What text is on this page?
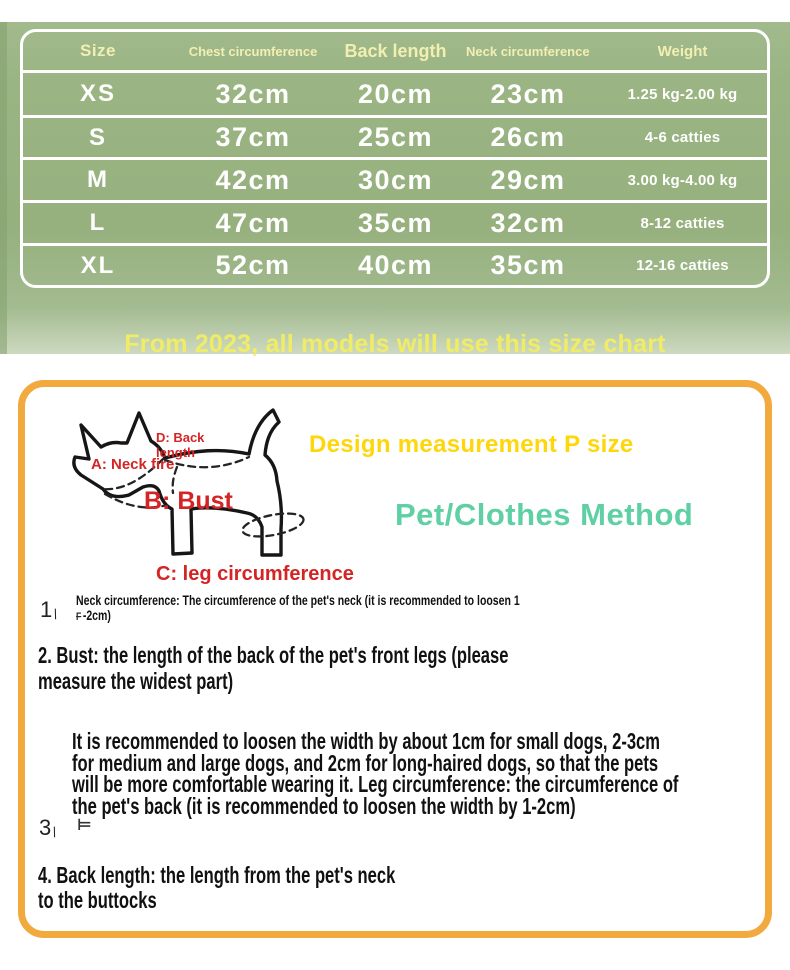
Size	Chest circumference	Back length	Neck circumference	Weight
XS	32cm	20cm	23cm	1.25 kg-2.00 kg
S	37cm	25cm	26cm	4-6 catties
M	42cm	30cm	29cm	3.00 kg-4.00 kg
L	47cm	35cm	32cm	8-12 catties
XL	52cm	40cm	35cm	12-16 catties
From 2023, all models will use this size chart
A: Neck fire
D: Back length
B: Bust
C: leg circumference
Design measurement P size
Pet/Clothes Method
1\
Neck circumference: The circumference of the pet's neck (it is recommended to loosen 1
F -2cm)
2. Bust: the length of the back of the pet's front legs (please
measure the widest part)
It is recommended to loosen the width by about 1cm for small dogs, 2-3cm
for medium and large dogs, and 2cm for long-haired dogs, so that the pets
will be more comfortable wearing it. Leg circumference: the circumference of
the pet's back (it is recommended to loosen the width by 1-2cm)
3\ ⊨
4. Back length: the length from the pet's neck
to the buttocks
